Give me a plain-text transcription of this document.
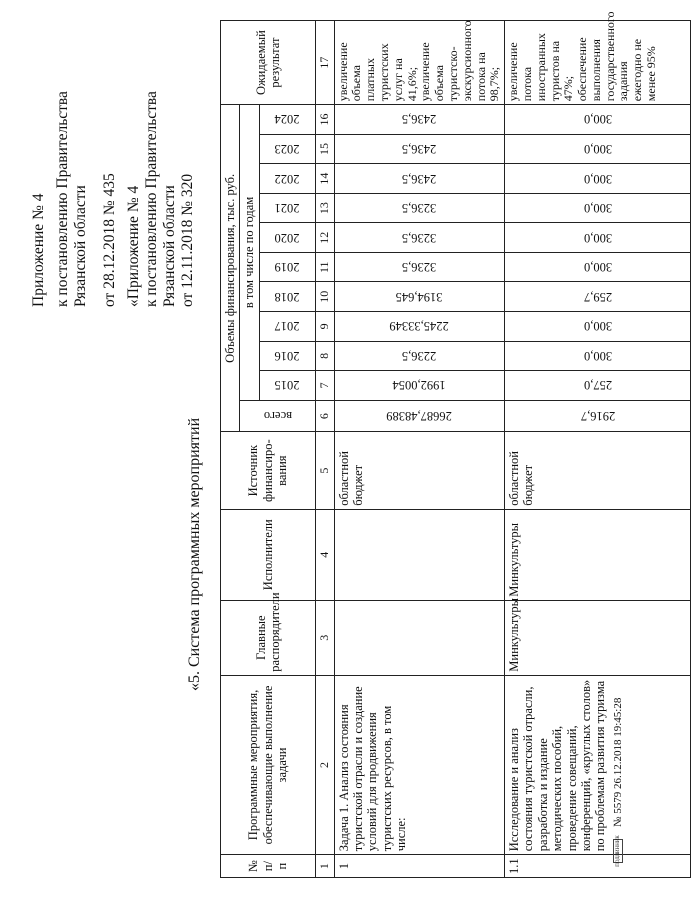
Приложение № 4 к постановлению Правительства Рязанской области от 28.12.2018 № 435 «Приложение № 4 к постановлению Правительства Рязанской области от 12.11.2018 № 320
«5. Система программных мероприятий
№ п/п	Программные мероприятия, обеспечивающие выполнение задачи	Главные распорядители	Исполнители	Источник финансиро-вания	Объемы финансирования, тыс. руб.											Ожидаемый результат

					всего	в том числе по годам										

						2015	2016	2017	2018	2019	2020	2021	2022	2023	2024	

1	2	3	4	5	6	7	8	9	10	11	12	13	14	15	16	17
1	Задача 1. Анализ состояния туристской отрасли и создание условий для продвижения туристских ресурсов, в том числе:			областной бюджет	26687,48389	1992,0054	2236,5	2245,33349	3194,645	3236,5	3236,5	3236,5	2436,5	2436,5	2436,5	увеличение объема платных туристских услуг на 41,6%; увеличение объема туристско-экскурсионного потока на 98,7%;
1.1	Исследование и анализ состояния туристской отрасли, разработка и издание методических пособий, проведение совещаний, конференций, «круглых столов» по проблемам развития туризма	Минкультуры	Минкультуры	областной бюджет	2916,7	257,0	300,0	300,0	259,7	300,0	300,0	300,0	300,0	300,0	300,0	увеличение потока иностранных туристов на 47%; обеспечение выполнения государственного задания ежегодно не менее 95%
ПОДЛИННИК
№ 5579 26.12.2018 19:45:28
